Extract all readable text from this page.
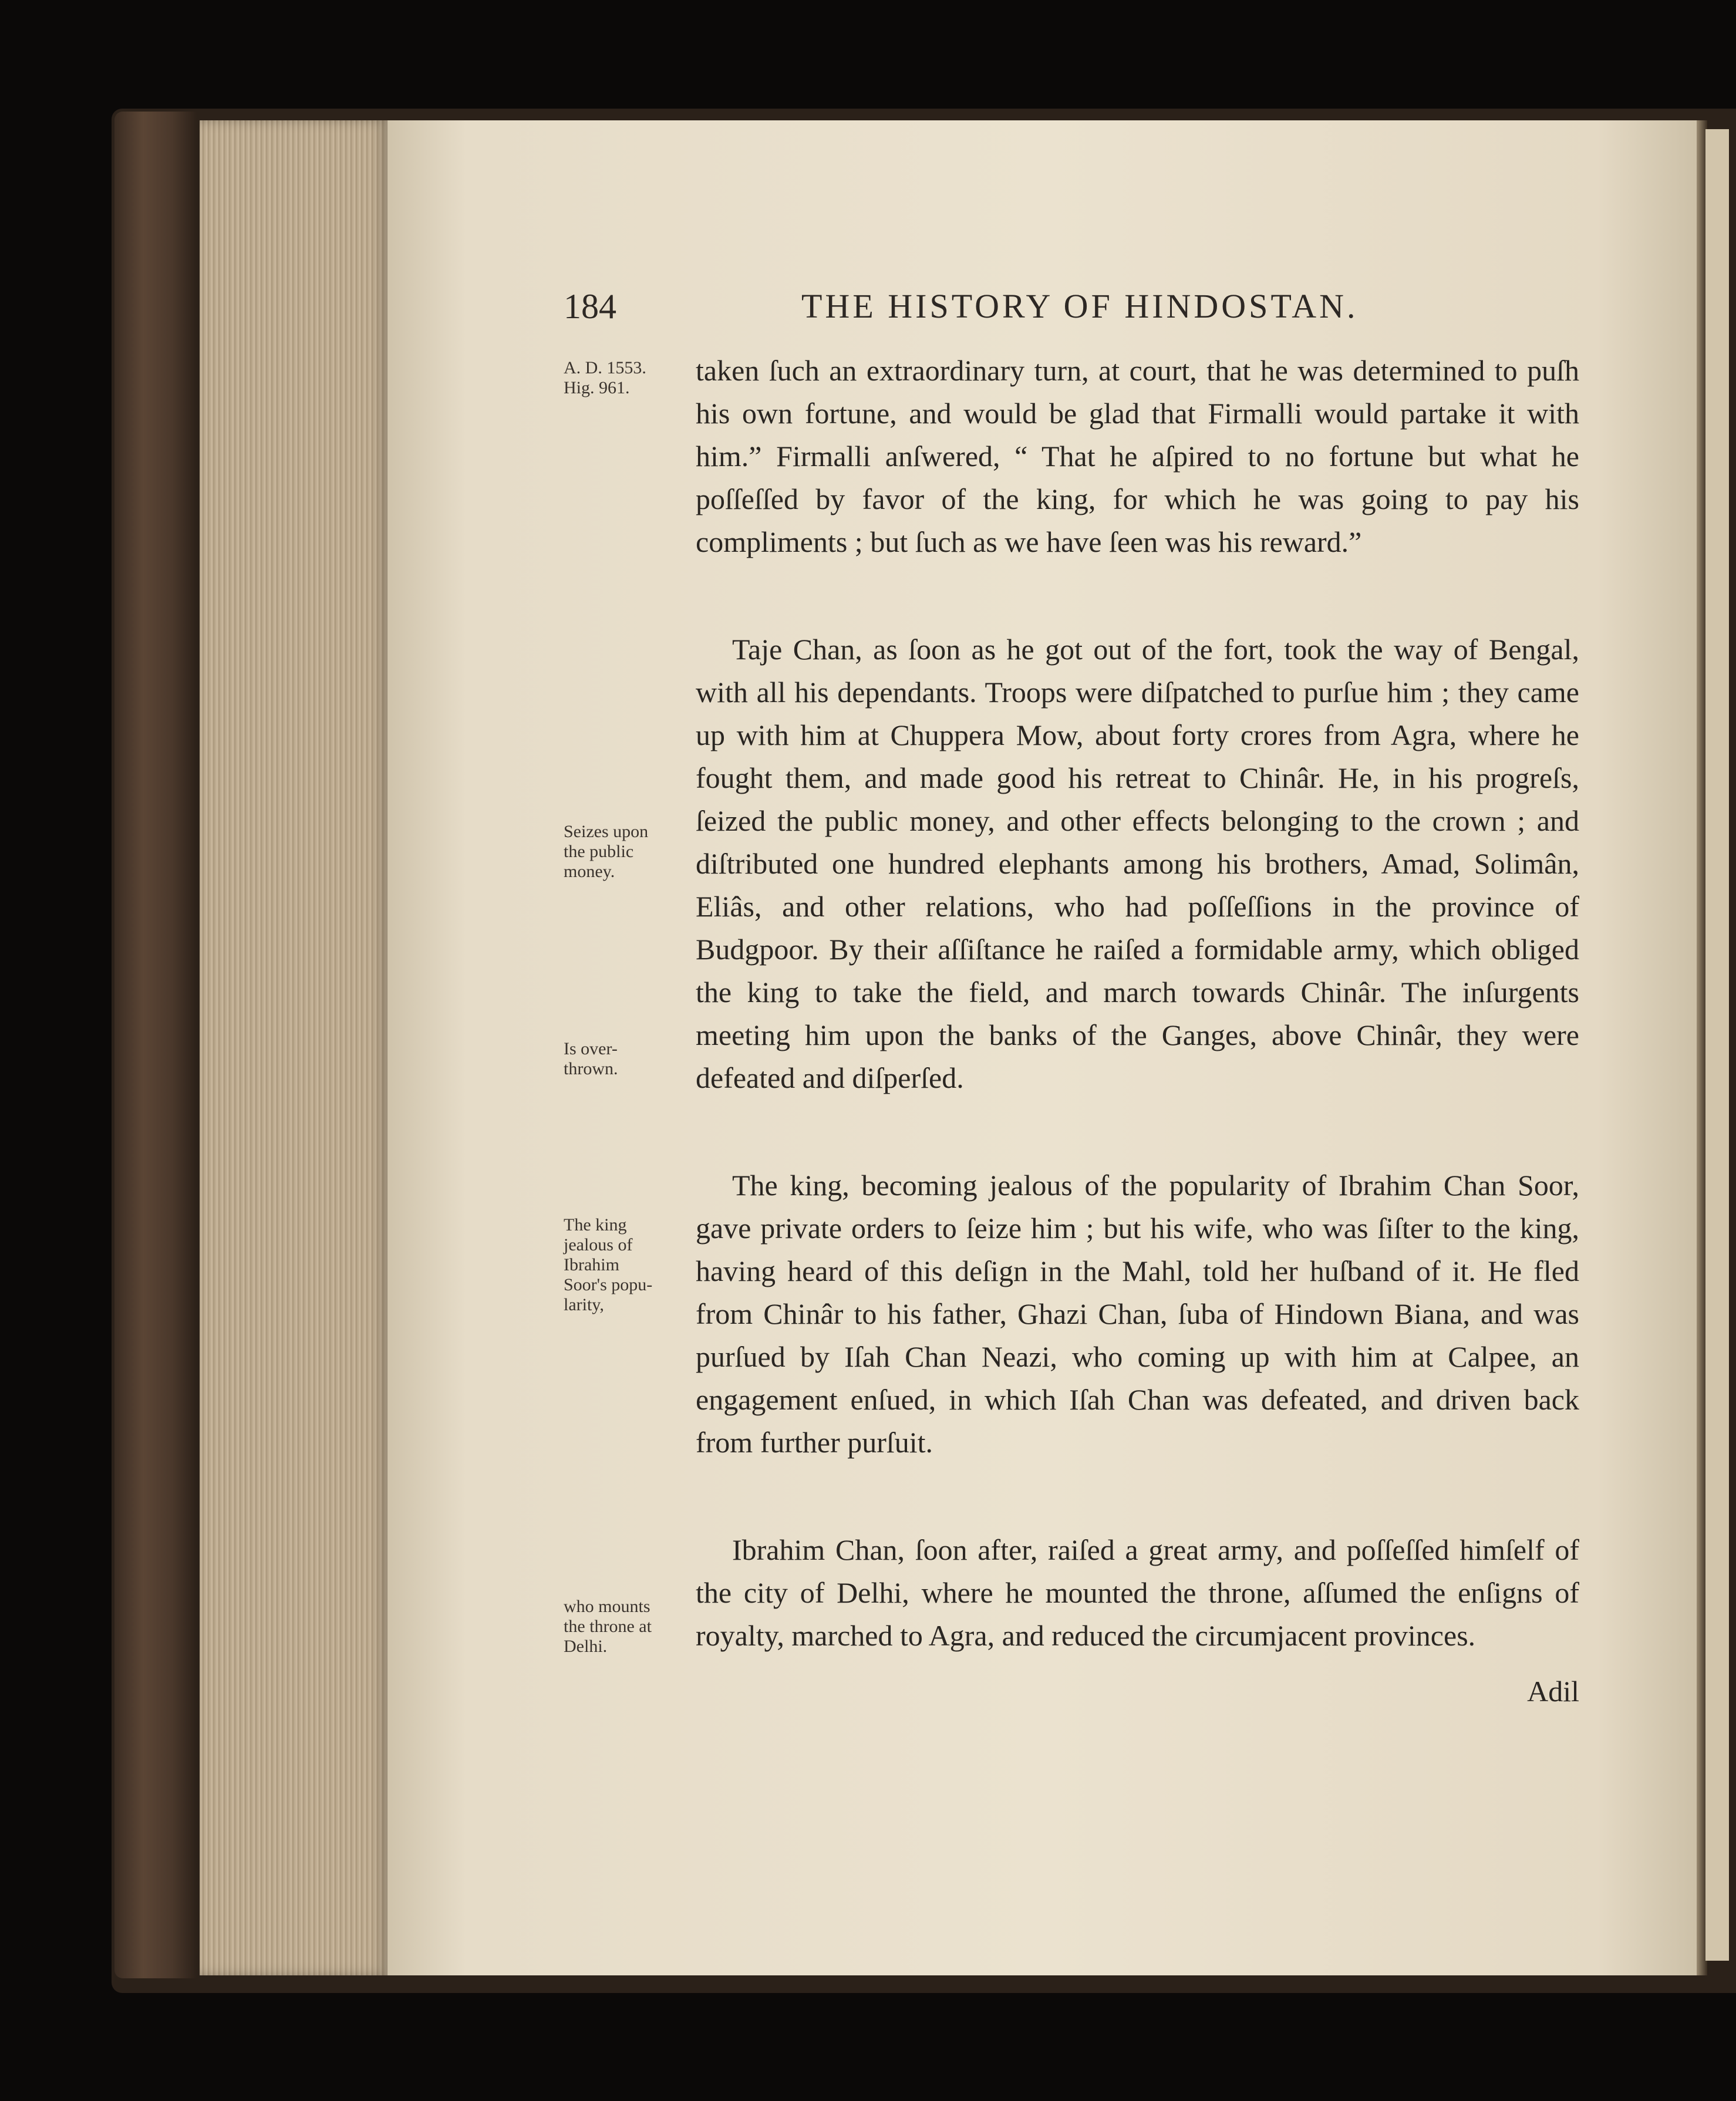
184	THE HISTORY OF HINDOSTAN.
A. D. 1553.
Hig. 961.
Seizes upon
the public
money.
Is over-
thrown.
The king
jealous of
Ibrahim
Soor's popu-
larity,
who mounts
the throne at
Delhi.

taken ſuch an extraordinary turn, at court, that he was determined to puſh his own fortune, and would be glad that Firmalli would partake it with him.” Firmalli anſwered, “ That he aſpired to no fortune but what he poſſeſſed by favor of the king, for which he was going to pay his compliments ; but ſuch as we have ſeen was his reward.”

Taje Chan, as ſoon as he got out of the fort, took the way of Bengal, with all his dependants. Troops were diſpatched to purſue him ; they came up with him at Chuppera Mow, about forty crores from Agra, where he fought them, and made good his retreat to Chinâr. He, in his progreſs, ſeized the public money, and other effects belonging to the crown ; and diſtributed one hundred elephants among his brothers, Amad, Solimân, Eliâs, and other relations, who had poſſeſſions in the province of Budgpoor. By their aſſiſtance he raiſed a formidable army, which obliged the king to take the field, and march towards Chinâr. The inſurgents meeting him upon the banks of the Ganges, above Chinâr, they were defeated and diſperſed.

The king, becoming jealous of the popularity of Ibrahim Chan Soor, gave private orders to ſeize him ; but his wife, who was ſiſter to the king, having heard of this deſign in the Mahl, told her huſband of it. He fled from Chinâr to his father, Ghazi Chan, ſuba of Hindown Biana, and was purſued by Iſah Chan Neazi, who coming up with him at Calpee, an engagement enſued, in which Iſah Chan was defeated, and driven back from further purſuit.

Ibrahim Chan, ſoon after, raiſed a great army, and poſſeſſed himſelf of the city of Delhi, where he mounted the throne, aſſumed the enſigns of royalty, marched to Agra, and reduced the circumjacent provinces.

Adil
